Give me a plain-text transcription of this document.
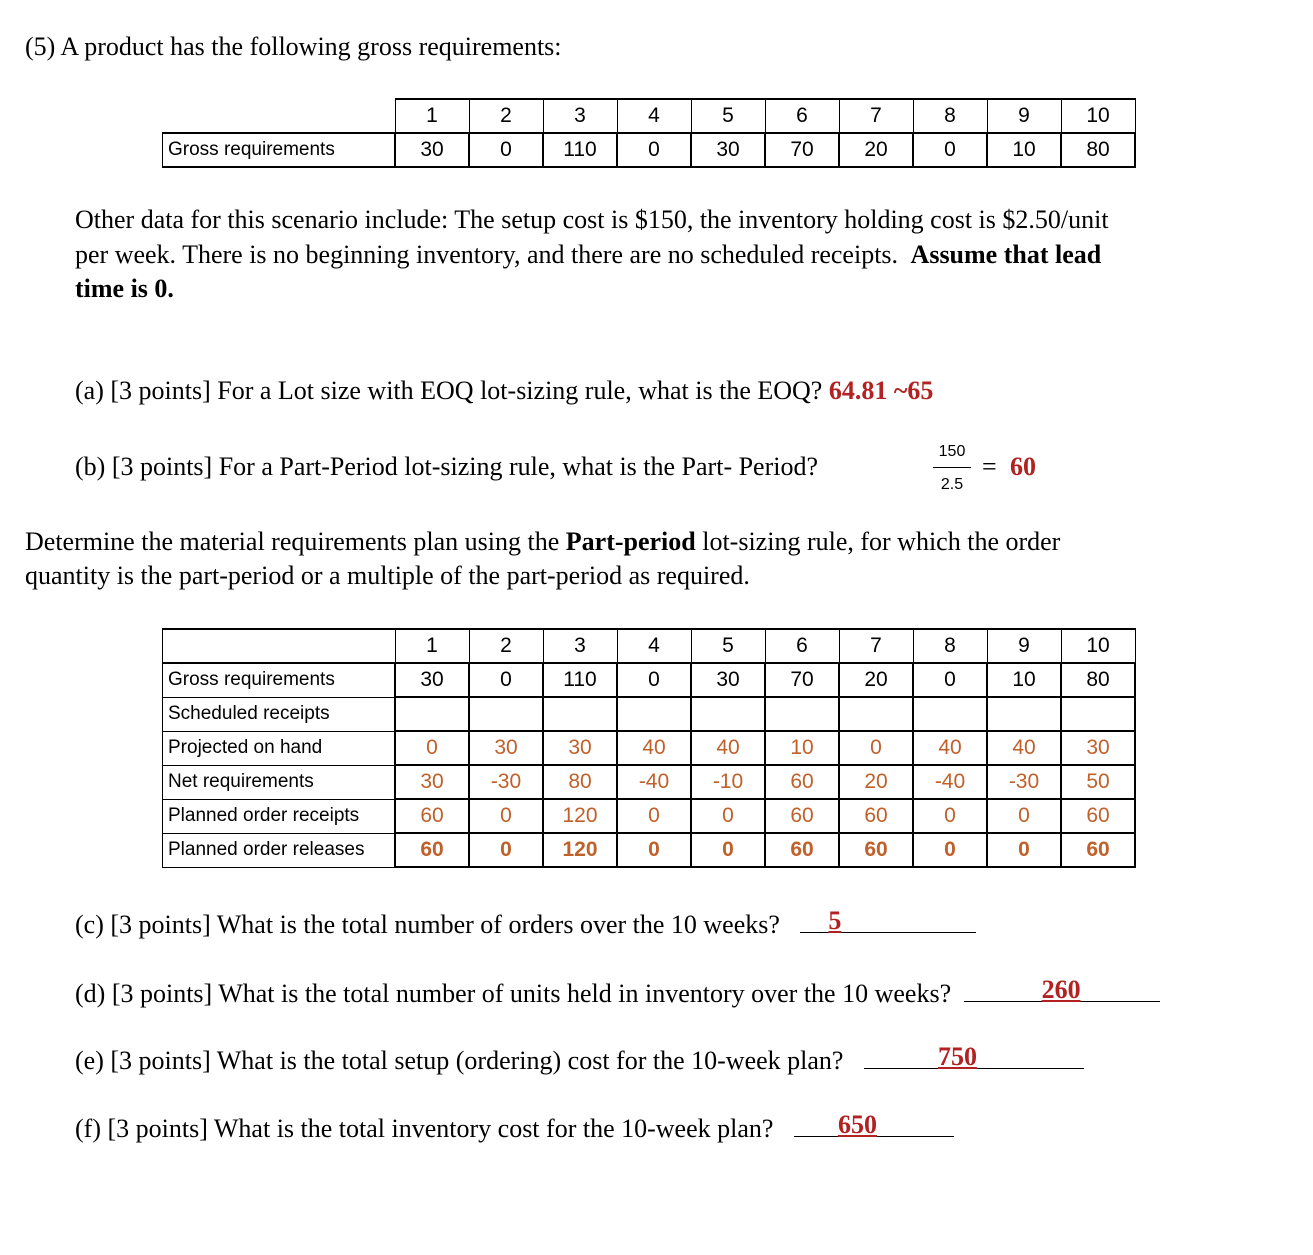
(5) A product has the following gross requirements:
	1	2	3	4	5	6	7	8	9	10
Gross requirements	30	0	110	0	30	70	20	0	10	80
Other data for this scenario include: The setup cost is $150, the inventory holding cost is $2.50/unit
per week. There is no beginning inventory, and there are no scheduled receipts. Assume that lead
time is 0.
(a) [3 points] For a Lot size with EOQ lot-sizing rule, what is the EOQ? 64.81 ~65
(b) [3 points] For a Part-Period lot-sizing rule, what is the Part- Period?
150
2.5
= 60
Determine the material requirements plan using the Part-period lot-sizing rule, for which the order
quantity is the part-period or a multiple of the part-period as required.
	1	2	3	4	5	6	7	8	9	10
Gross requirements	30	0	110	0	30	70	20	0	10	80
Scheduled receipts										
Projected on hand	0	30	30	40	40	10	0	40	40	30
Net requirements	30	-30	80	-40	-10	60	20	-40	-30	50
Planned order receipts	60	0	120	0	0	60	60	0	0	60
Planned order releases	60	0	120	0	0	60	60	0	0	60
(c) [3 points] What is the total number of orders over the 10 weeks? 5
(d) [3 points] What is the total number of units held in inventory over the 10 weeks?	260
(e) [3 points] What is the total setup (ordering) cost for the 10-week plan?	750
(f) [3 points] What is the total inventory cost for the 10-week plan? 650
